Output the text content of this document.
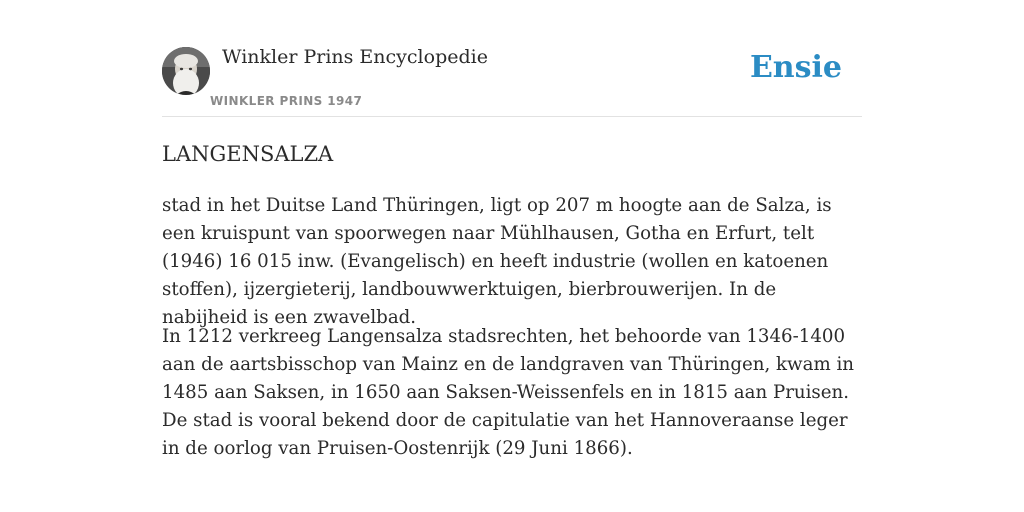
Winkler Prins Encyclopedie
WINKLER PRINS 1947
Ensie
LANGENSALZA

stad in het Duitse Land Thüringen, ligt op 207 m hoogte aan de Salza, is een kruispunt van spoorwegen naar Mühlhausen, Gotha en Erfurt, telt (1946) 16 015 inw. (Evangelisch) en heeft industrie (wollen en katoenen stoffen), ijzergieterij, landbouwwerktuigen, bierbrouwerijen. In de nabijheid is een zwavelbad.

In 1212 verkreeg Langensalza stadsrechten, het behoorde van 1346-1400 aan de aartsbisschop van Mainz en de landgraven van Thüringen, kwam in 1485 aan Saksen, in 1650 aan Saksen-Weissenfels en in 1815 aan Pruisen. De stad is vooral bekend door de capitulatie van het Hannoveraanse leger in de oorlog van Pruisen-Oostenrijk (29 Juni 1866).
